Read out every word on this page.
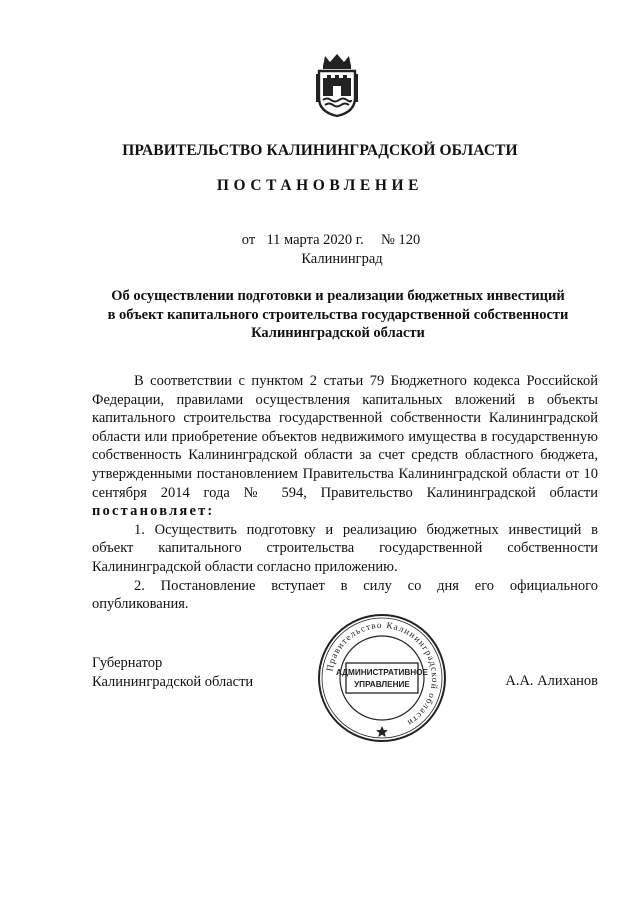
ПРАВИТЕЛЬСТВО КАЛИНИНГРАДСКОЙ ОБЛАСТИ
ПОСТАНОВЛЕНИЕ
от 11 марта 2020 г. № 120
Калининград
Об осуществлении подготовки и реализации бюджетных инвестиций
в объект капитального строительства государственной собственности
Калининградской области

В соответствии с пунктом 2 статьи 79 Бюджетного кодекса Российской Федерации, правилами осуществления капитальных вложений в объекты капитального строительства государственной собственности Калининградской области или приобретение объектов недвижимого имущества в государственную собственность Калининградской области за счет средств областного бюджета, утвержденными постановлением Правительства Калининградской области от 10 сентября 2014 года № 594, Правительство Калининградской области постановляет:

1. Осуществить подготовку и реализацию бюджетных инвестиций в объект капитального строительства государственной собственности Калининградской области согласно приложению.

2. Постановление вступает в силу со дня его официального опубликования.

Губернатор
Калининградской области
Правительство Калининградской области
АДМИНИСТРАТИВНОЕ
УПРАВЛЕНИЕ	А.А. Алиханов
